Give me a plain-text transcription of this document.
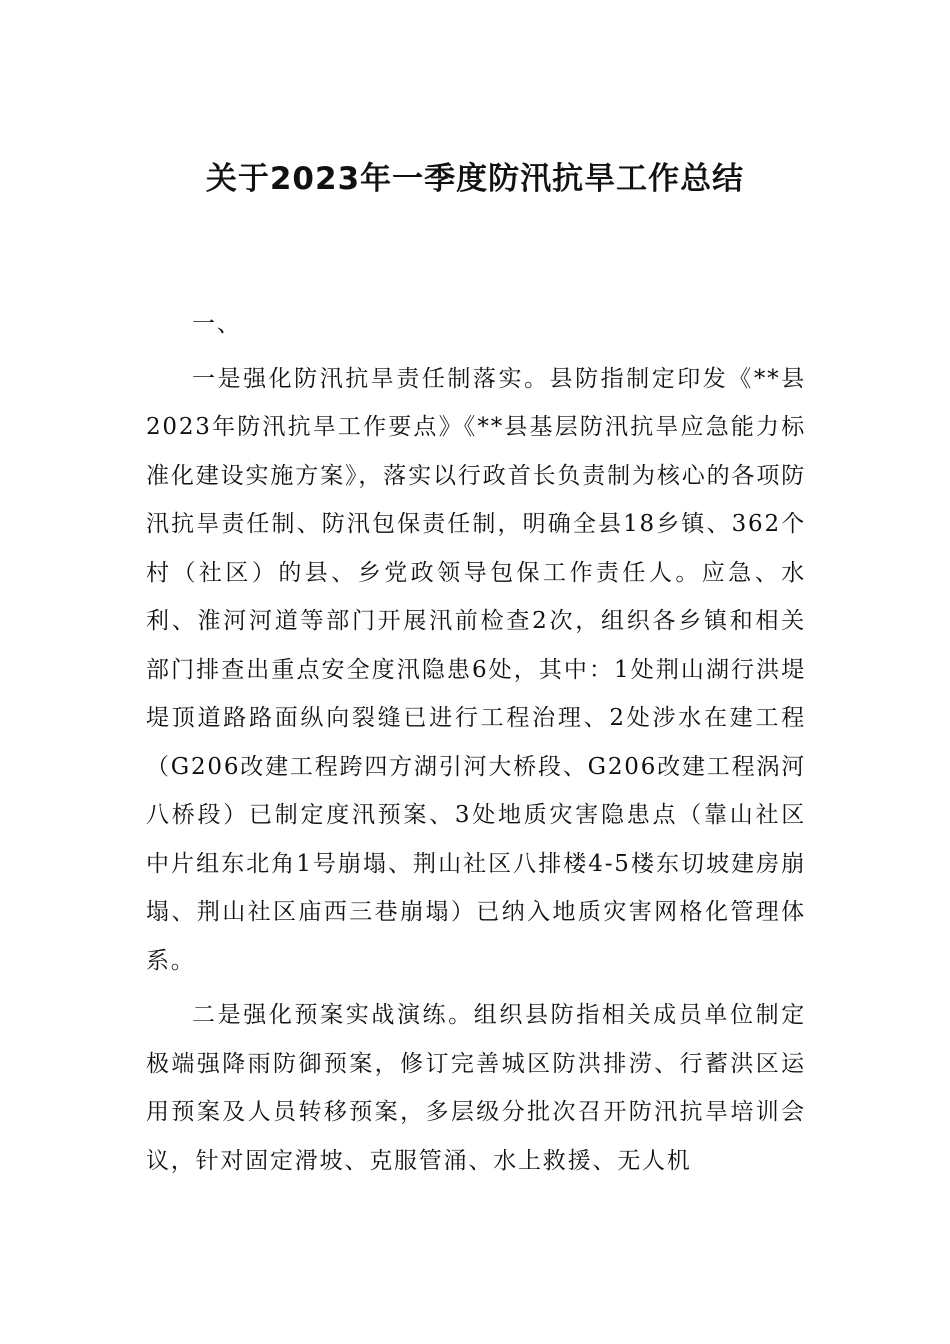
关于2023年一季度防汛抗旱工作总结

一、

一是强化防汛抗旱责任制落实。县防指制定印发《**县2023年防汛抗旱工作要点》《**县基层防汛抗旱应急能力标准化建设实施方案》，落实以行政首长负责制为核心的各项防汛抗旱责任制、防汛包保责任制，明确全县18乡镇、362个村（社区）的县、乡党政领导包保工作责任人。应急、水利、淮河河道等部门开展汛前检查2次，组织各乡镇和相关部门排查出重点安全度汛隐患6处，其中：1处荆山湖行洪堤堤顶道路路面纵向裂缝已进行工程治理、2处涉水在建工程（G206改建工程跨四方湖引河大桥段、G206改建工程涡河八桥段）已制定度汛预案、3处地质灾害隐患点（靠山社区中片组东北角1号崩塌、荆山社区八排楼4-5楼东切坡建房崩塌、荆山社区庙西三巷崩塌）已纳入地质灾害网格化管理体系。

二是强化预案实战演练。组织县防指相关成员单位制定极端强降雨防御预案，修订完善城区防洪排涝、行蓄洪区运用预案及人员转移预案，多层级分批次召开防汛抗旱培训会议，针对固定滑坡、克服管涌、水上救援、无人机
